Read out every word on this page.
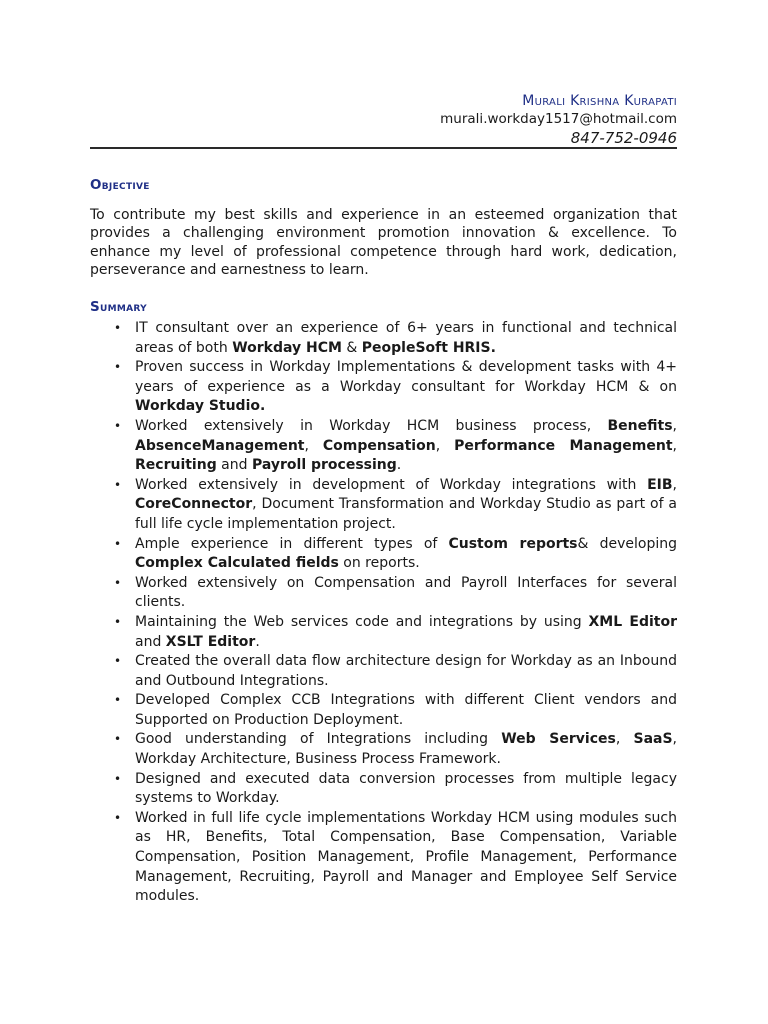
Murali Krishna Kurapati
murali.workday1517@hotmail.com
847-752-0946
Objective
To contribute my best skills and experience in an esteemed organization that provides a challenging environment promotion innovation & excellence. To enhance my level of professional competence through hard work, dedication, perseverance and earnestness to learn.
Summary
• IT consultant over an experience of 6+ years in functional and technical areas of both Workday HCM & PeopleSoft HRIS.
• Proven success in Workday Implementations & development tasks with 4+ years of experience as a Workday consultant for Workday HCM & on Workday Studio.
• Worked extensively in Workday HCM business process, Benefits, AbsenceManagement, Compensation, Performance Management, Recruiting and Payroll processing.
• Worked extensively in development of Workday integrations with EIB, CoreConnector, Document Transformation and Workday Studio as part of a full life cycle implementation project.
• Ample experience in different types of Custom reports& developing Complex Calculated fields on reports.
• Worked extensively on Compensation and Payroll Interfaces for several clients.
• Maintaining the Web services code and integrations by using XML Editor and XSLT Editor.
• Created the overall data flow architecture design for Workday as an Inbound and Outbound Integrations.
• Developed Complex CCB Integrations with different Client vendors and Supported on Production Deployment.
• Good understanding of Integrations including Web Services, SaaS, Workday Architecture, Business Process Framework.
• Designed and executed data conversion processes from multiple legacy systems to Workday.
• Worked in full life cycle implementations Workday HCM using modules such as HR, Benefits, Total Compensation, Base Compensation, Variable Compensation, Position Management, Profile Management, Performance Management, Recruiting, Payroll and Manager and Employee Self Service modules.
